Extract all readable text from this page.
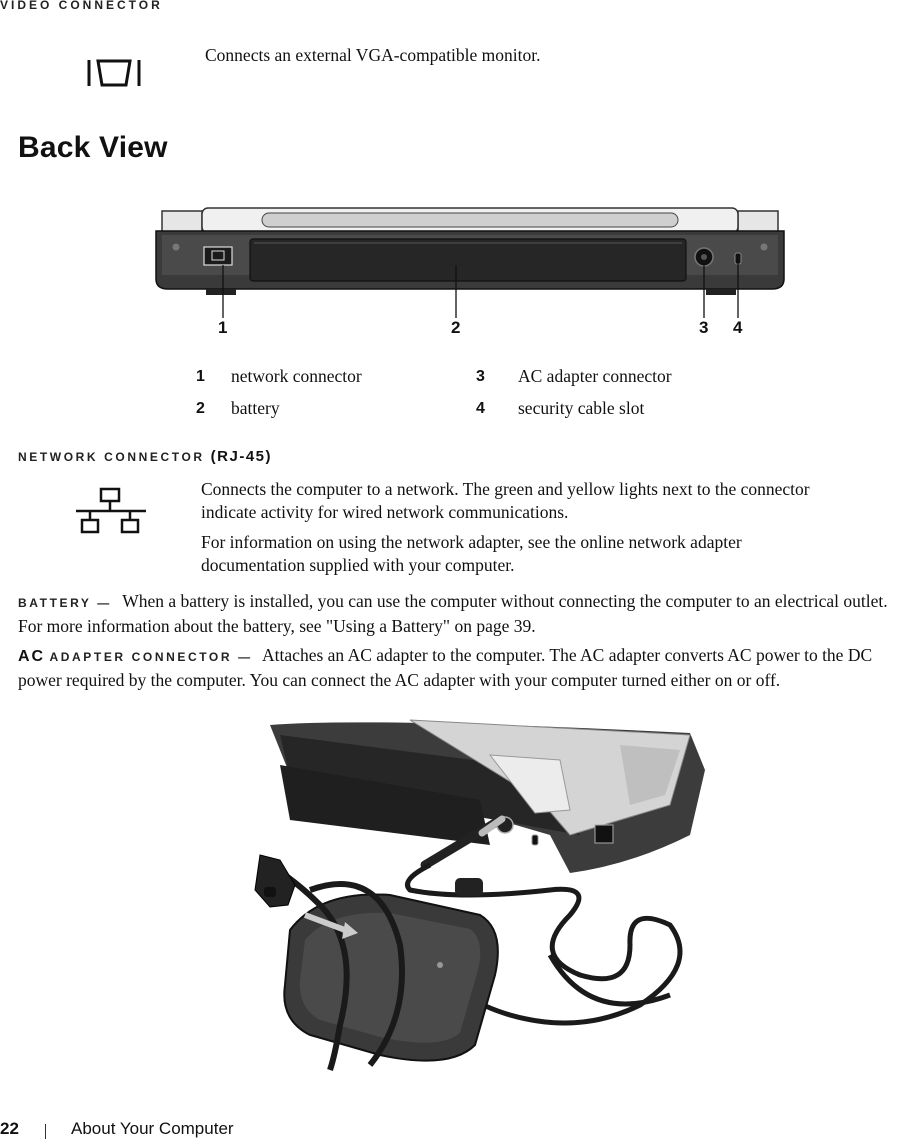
VIDEO CONNECTOR
Connects an external VGA-compatible monitor.
Back View
1	2	3 4
1 network connector	3 AC adapter connector
2 battery	4 security cable slot
NETWORK CONNECTOR (RJ-45)
Connects the computer to a network. The green and yellow lights next to the connector indicate activity for wired network communications.
For information on using the network adapter, see the online network adapter documentation supplied with your computer.
BATTERY — When a battery is installed, you can use the computer without connecting the computer to an electrical outlet. For more information about the battery, see "Using a Battery" on page 39.
AC ADAPTER CONNECTOR — Attaches an AC adapter to the computer. The AC adapter converts AC power to the DC power required by the computer. You can connect the AC adapter with your computer turned either on or off.
22	About Your Computer
